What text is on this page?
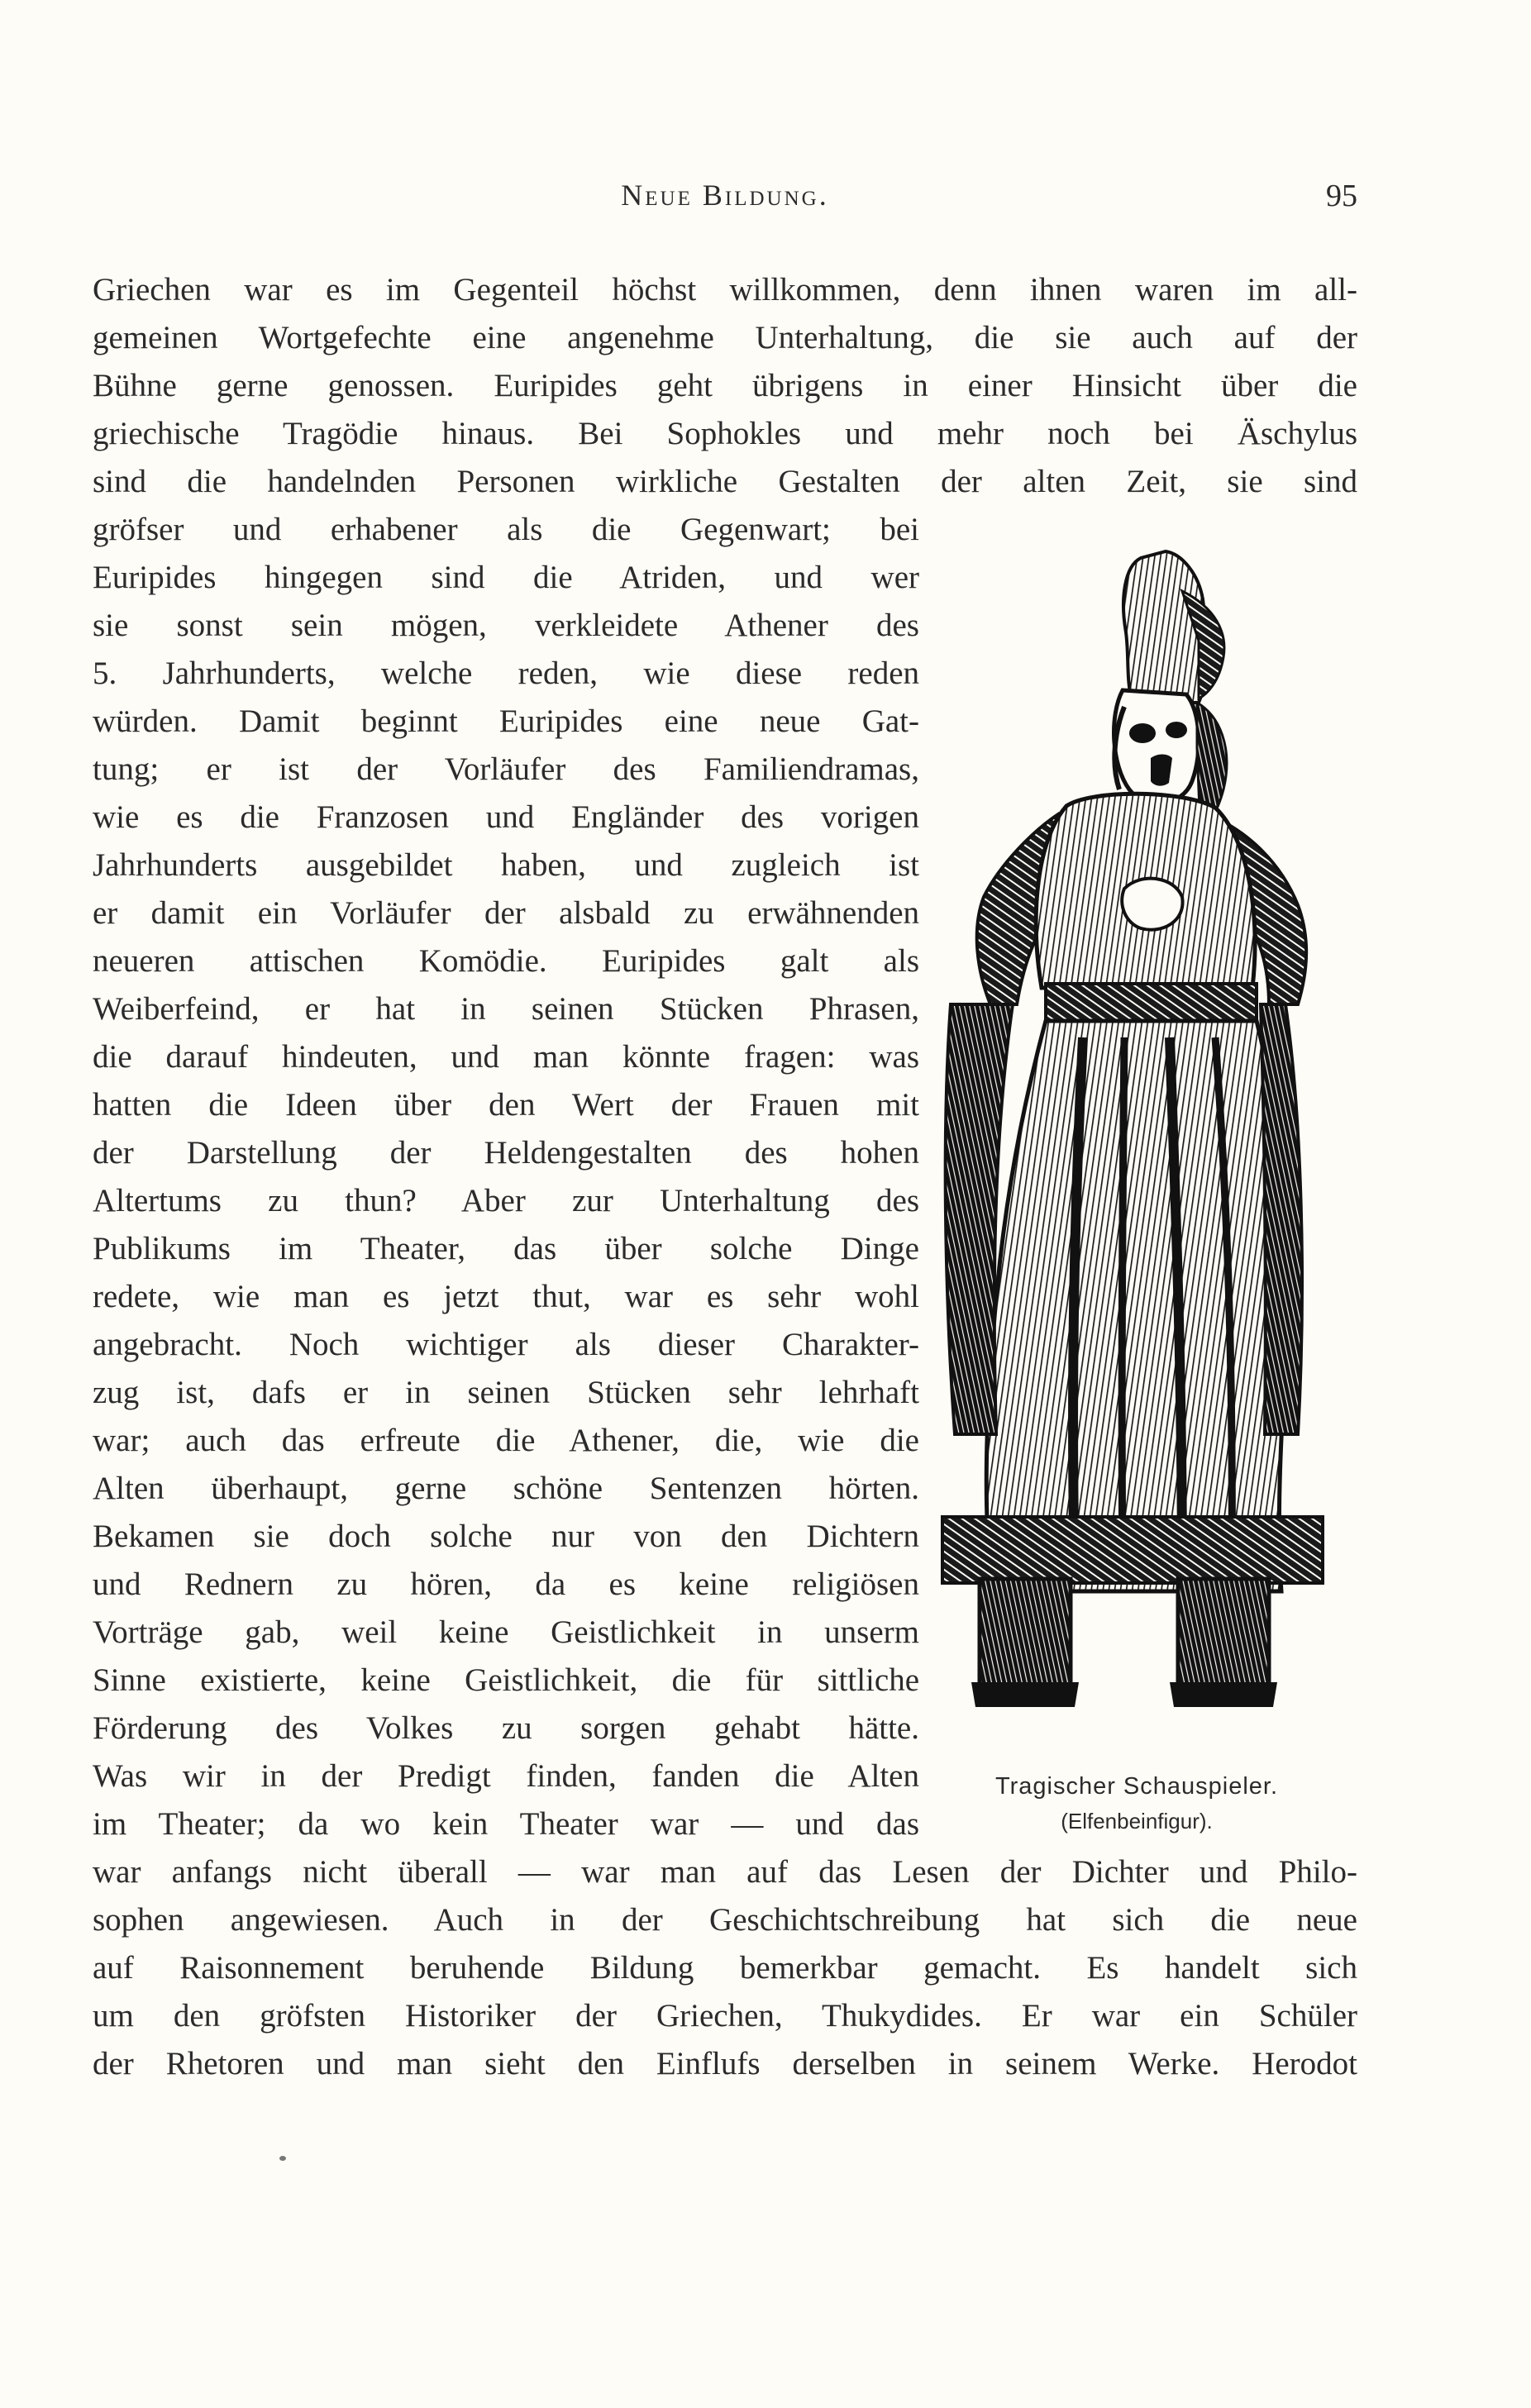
Neue Bildung.	95
Griechen war es im Gegenteil höchst willkommen, denn ihnen waren im all-
gemeinen Wortgefechte eine angenehme Unterhaltung, die sie auch auf der
Bühne gerne genossen. Euripides geht übrigens in einer Hinsicht über die
griechische Tragödie hinaus. Bei Sophokles und mehr noch bei Äschylus
sind die handelnden Personen wirkliche Gestalten der alten Zeit, sie sind
gröfser und erhabener als die Gegenwart; bei
Euripides hingegen sind die Atriden, und wer
sie sonst sein mögen, verkleidete Athener des
5. Jahrhunderts, welche reden, wie diese reden
würden. Damit beginnt Euripides eine neue Gat-
tung; er ist der Vorläufer des Familiendramas,
wie es die Franzosen und Engländer des vorigen
Jahrhunderts ausgebildet haben, und zugleich ist
er damit ein Vorläufer der alsbald zu erwähnenden
neueren attischen Komödie. Euripides galt als
Weiberfeind, er hat in seinen Stücken Phrasen,
die darauf hindeuten, und man könnte fragen: was
hatten die Ideen über den Wert der Frauen mit
der Darstellung der Heldengestalten des hohen
Altertums zu thun? Aber zur Unterhaltung des
Publikums im Theater, das über solche Dinge
redete, wie man es jetzt thut, war es sehr wohl
angebracht. Noch wichtiger als dieser Charakter-
zug ist, dafs er in seinen Stücken sehr lehrhaft
war; auch das erfreute die Athener, die, wie die
Alten überhaupt, gerne schöne Sentenzen hörten.
Bekamen sie doch solche nur von den Dichtern
und Rednern zu hören, da es keine religiösen
Vorträge gab, weil keine Geistlichkeit in unserm
Sinne existierte, keine Geistlichkeit, die für sittliche
Förderung des Volkes zu sorgen gehabt hätte.
Was wir in der Predigt finden, fanden die Alten
im Theater; da wo kein Theater war — und das
war anfangs nicht überall — war man auf das Lesen der Dichter und Philo-
sophen angewiesen. Auch in der Geschichtschreibung hat sich die neue
auf Raisonnement beruhende Bildung bemerkbar gemacht. Es handelt sich
um den gröfsten Historiker der Griechen, Thukydides. Er war ein Schüler
der Rhetoren und man sieht den Einflufs derselben in seinem Werke. Herodot
Tragischer Schauspieler.
(Elfenbeinfigur).
